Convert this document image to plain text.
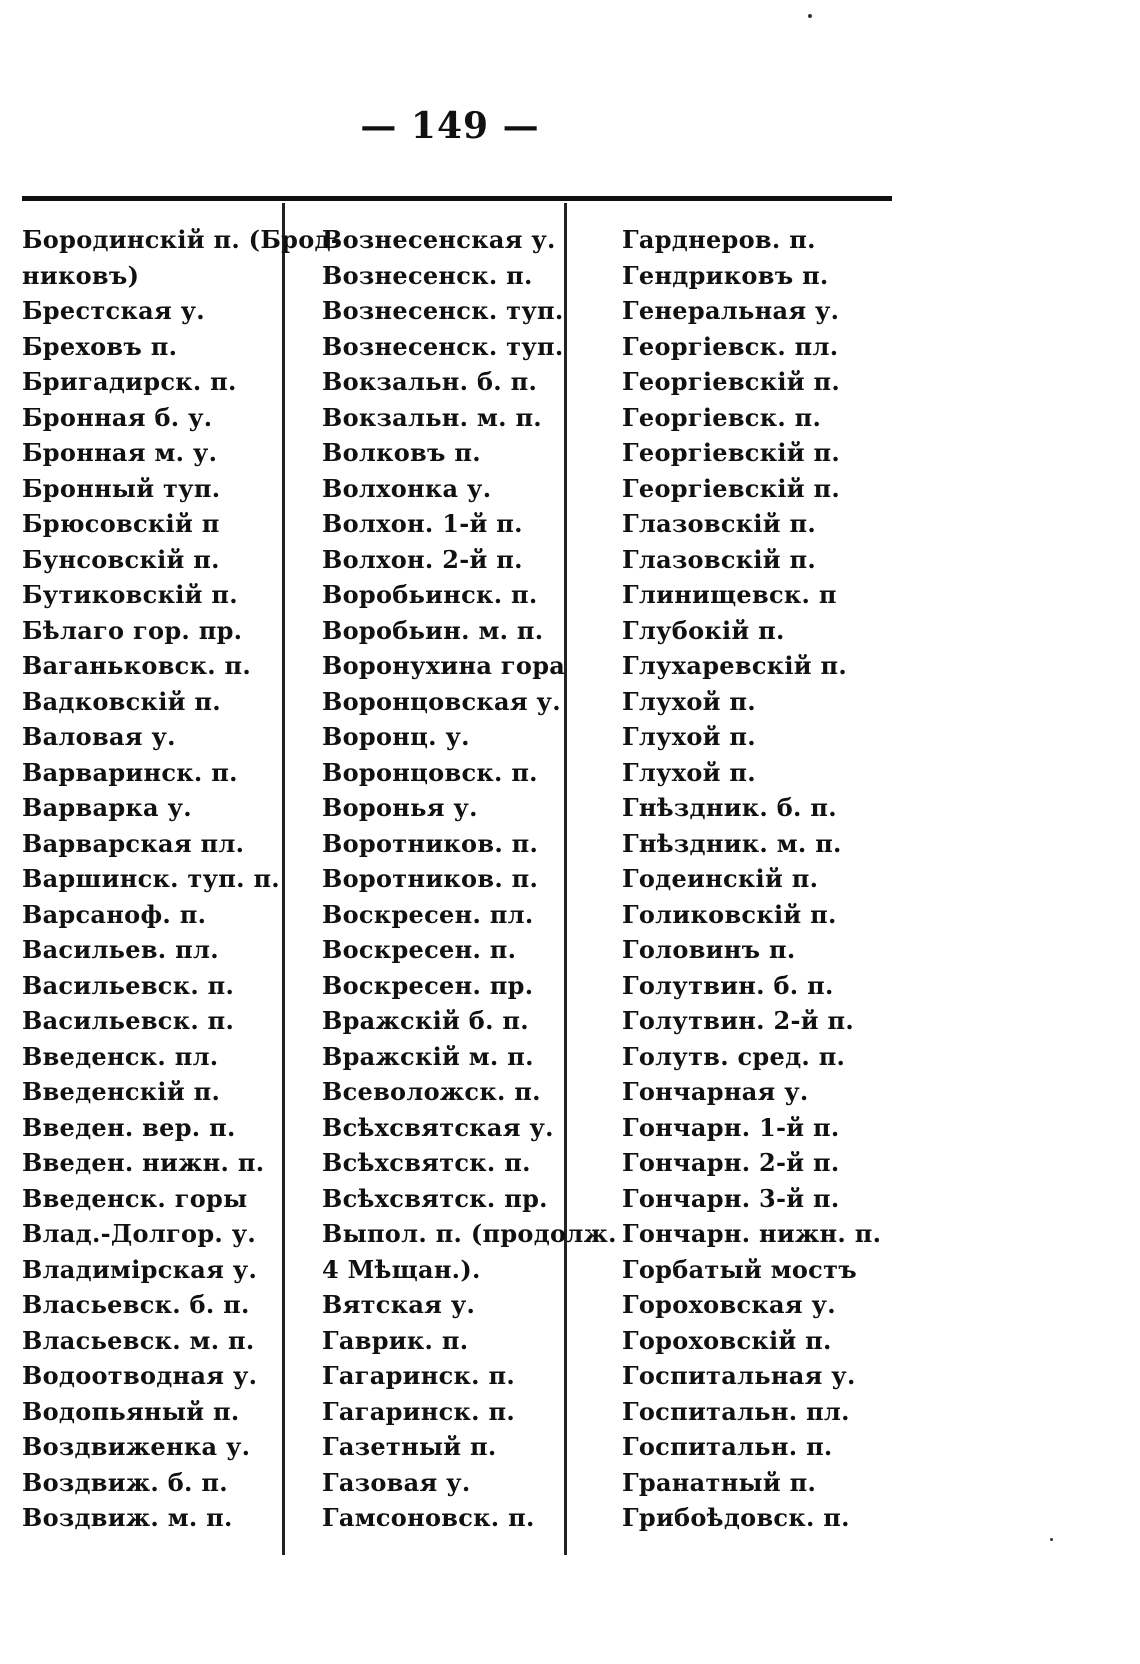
— 149 —
Бородинскій п. (Брод-
никовъ)
Брестская у.
Бреховъ п.
Бригадирск. п.
Бронная б. у.
Бронная м. у.
Бронный туп.
Брюсовскій п
Бунсовскій п.
Бутиковскій п.
Бѣлаго гор. пр.
Ваганьковск. п.
Вадковскій п.
Валовая у.
Варваринск. п.
Варварка у.
Варварская пл.
Варшинск. туп. п.
Варсаноф. п.
Васильев. пл.
Васильевск. п.
Васильевск. п.
Введенск. пл.
Введенскій п.
Введен. вер. п.
Введен. нижн. п.
Введенск. горы
Влад.-Долгор. у.
Владимірская у.
Власьевск. б. п.
Власьевск. м. п.
Водоотводная у.
Водопьяный п.
Воздвиженка у.
Воздвиж. б. п.
Воздвиж. м. п.
Вознесенская у.
Вознесенск. п.
Вознесенск. туп.
Вознесенск. туп.
Вокзальн. б. п.
Вокзальн. м. п.
Волковъ п.
Волхонка у.
Волхон. 1-й п.
Волхон. 2-й п.
Воробьинск. п.
Воробьин. м. п.
Воронухина гора
Воронцовская у.
Воронц. у.
Воронцовск. п.
Воронья у.
Воротников. п.
Воротников. п.
Воскресен. пл.
Воскресен. п.
Воскресен. пр.
Вражскій б. п.
Вражскій м. п.
Всеволожск. п.
Всѣхсвятская у.
Всѣхсвятск. п.
Всѣхсвятск. пр.
Выпол. п. (продолж.
4 Мѣщан.).
Вятская у.
Гаврик. п.
Гагаринск. п.
Гагаринск. п.
Газетный п.
Газовая у.
Гамсоновск. п.
Гарднеров. п.
Гендриковъ п.
Генеральная у.
Георгіевск. пл.
Георгіевскій п.
Георгіевск. п.
Георгіевскій п.
Георгіевскій п.
Глазовскій п.
Глазовскій п.
Глинищевск. п
Глубокій п.
Глухаревскій п.
Глухой п.
Глухой п.
Глухой п.
Гнѣздник. б. п.
Гнѣздник. м. п.
Годеинскій п.
Голиковскій п.
Головинъ п.
Голутвин. б. п.
Голутвин. 2-й п.
Голутв. сред. п.
Гончарная у.
Гончарн. 1-й п.
Гончарн. 2-й п.
Гончарн. 3-й п.
Гончарн. нижн. п.
Горбатый мостъ
Гороховская у.
Гороховскій п.
Госпитальная у.
Госпитальн. пл.
Госпитальн. п.
Гранатный п.
Грибоѣдовск. п.
